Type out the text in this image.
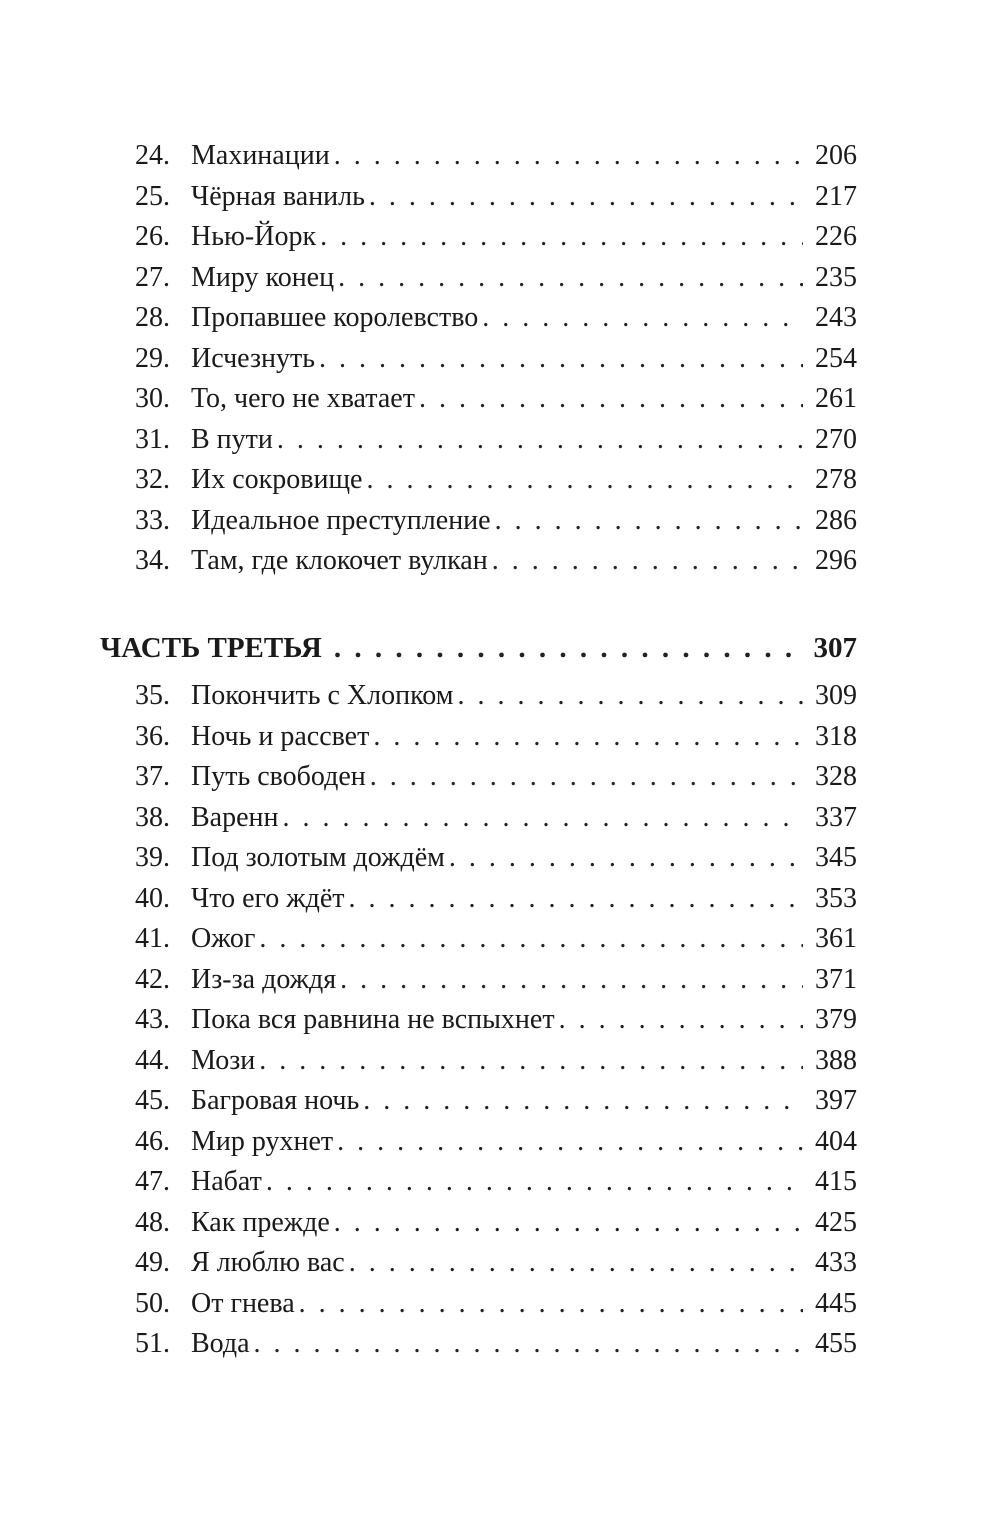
24. Махинации . . .	206
25. Чёрная ваниль . . .	217
26. Нью-Йорк . . .	226
27. Миру конец . . .	235
28. Пропавшее королевство . . .	243
29. Исчезнуть . . .	254
30. То, чего не хватает . . .	261
31. В пути . . .	270
32. Их сокровище . . .	278
33. Идеальное преступление . . .	286
34. Там, где клокочет вулкан . . .	296
ЧАСТЬ ТРЕТЬЯ . . .	307
35. Покончить с Хлопком . . .	309
36. Ночь и рассвет . . .	318
37. Путь свободен . . .	328
38. Варенн . . .	337
39. Под золотым дождём . . .	345
40. Что его ждёт . . .	353
41. Ожог . . .	361
42. Из-за дождя . . .	371
43. Пока вся равнина не вспыхнет . . .	379
44. Мози . . .	388
45. Багровая ночь . . .	397
46. Мир рухнет . . .	404
47. Набат . . .	415
48. Как прежде . . .	425
49. Я люблю вас . . .	433
50. От гнева . . .	445
51. Вода . . .	455
